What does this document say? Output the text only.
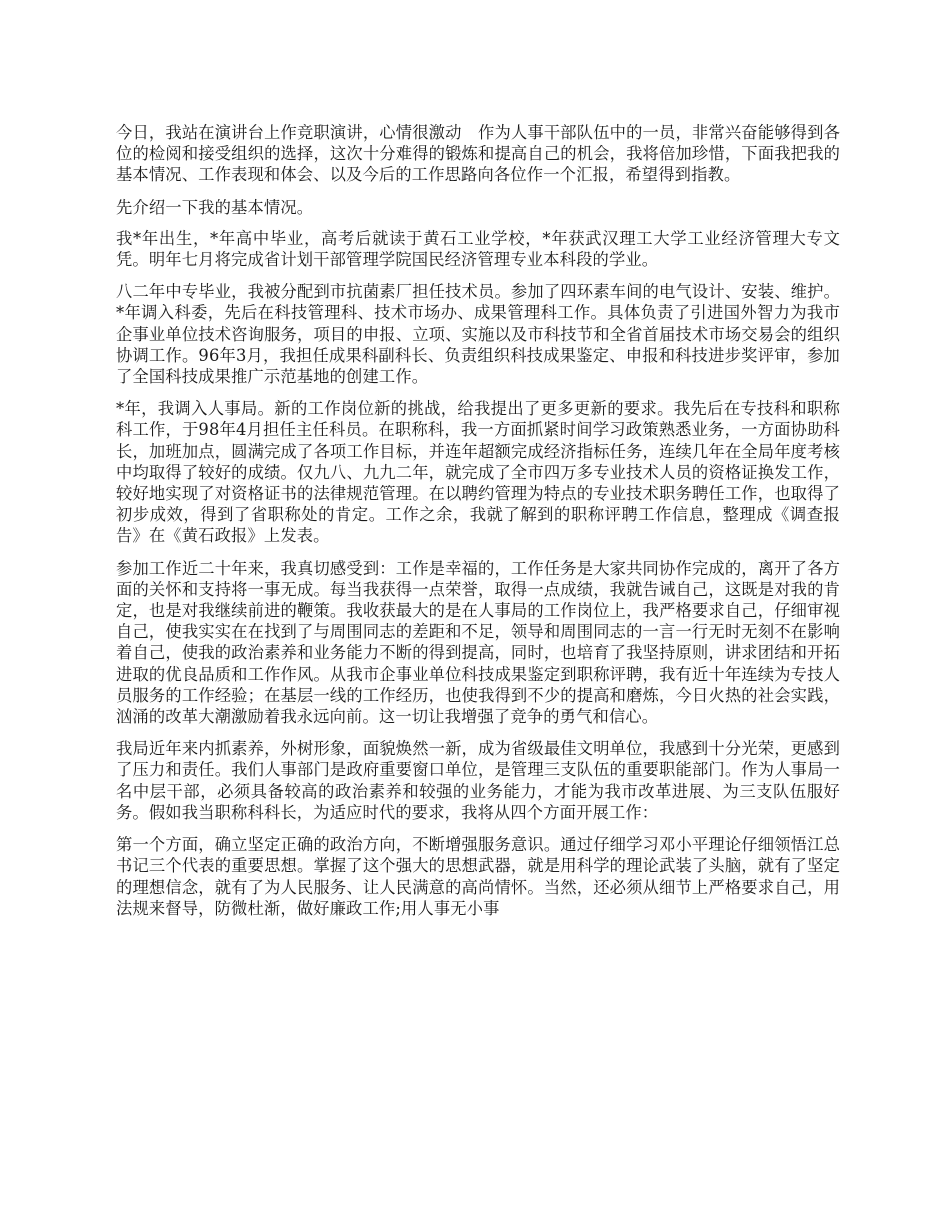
今日，我站在演讲台上作竞职演讲，心情很激动　作为人事干部队伍中的一员，非常兴奋能够得到各位的检阅和接受组织的选择，这次十分难得的锻炼和提高自己的机会，我将倍加珍惜，下面我把我的基本情况、工作表现和体会、以及今后的工作思路向各位作一个汇报，希望得到指教。

先介绍一下我的基本情况。

我*年出生，*年高中毕业，高考后就读于黄石工业学校，*年获武汉理工大学工业经济管理大专文凭。明年七月将完成省计划干部管理学院国民经济管理专业本科段的学业。

八二年中专毕业，我被分配到市抗菌素厂担任技术员。参加了四环素车间的电气设计、安装、维护。*年调入科委，先后在科技管理科、技术市场办、成果管理科工作。具体负责了引进国外智力为我市企事业单位技术咨询服务，项目的申报、立项、实施以及市科技节和全省首届技术市场交易会的组织协调工作。96年3月，我担任成果科副科长、负责组织科技成果鉴定、申报和科技进步奖评审，参加了全国科技成果推广示范基地的创建工作。

*年，我调入人事局。新的工作岗位新的挑战，给我提出了更多更新的要求。我先后在专技科和职称科工作，于98年4月担任主任科员。在职称科，我一方面抓紧时间学习政策熟悉业务，一方面协助科长，加班加点，圆满完成了各项工作目标，并连年超额完成经济指标任务，连续几年在全局年度考核中均取得了较好的成绩。仅九八、九九二年，就完成了全市四万多专业技术人员的资格证换发工作，较好地实现了对资格证书的法律规范管理。在以聘约管理为特点的专业技术职务聘任工作，也取得了初步成效，得到了省职称处的肯定。工作之余，我就了解到的职称评聘工作信息，整理成《调查报告》在《黄石政报》上发表。

参加工作近二十年来，我真切感受到：工作是幸福的，工作任务是大家共同协作完成的，离开了各方面的关怀和支持将一事无成。每当我获得一点荣誉，取得一点成绩，我就告诫自己，这既是对我的肯定，也是对我继续前进的鞭策。我收获最大的是在人事局的工作岗位上，我严格要求自己，仔细审视自己，使我实实在在找到了与周围同志的差距和不足，领导和周围同志的一言一行无时无刻不在影响着自己，使我的政治素养和业务能力不断的得到提高，同时，也培育了我坚持原则，讲求团结和开拓进取的优良品质和工作作风。从我市企事业单位科技成果鉴定到职称评聘，我有近十年连续为专技人员服务的工作经验；在基层一线的工作经历，也使我得到不少的提高和磨炼，今日火热的社会实践，汹涌的改革大潮激励着我永远向前。这一切让我增强了竞争的勇气和信心。

我局近年来内抓素养，外树形象，面貌焕然一新，成为省级最佳文明单位，我感到十分光荣，更感到了压力和责任。我们人事部门是政府重要窗口单位，是管理三支队伍的重要职能部门。作为人事局一名中层干部，必须具备较高的政治素养和较强的业务能力，才能为我市改革进展、为三支队伍服好务。假如我当职称科科长，为适应时代的要求，我将从四个方面开展工作：

第一个方面，确立坚定正确的政治方向，不断增强服务意识。通过仔细学习邓小平理论仔细领悟江总书记三个代表的重要思想。掌握了这个强大的思想武器，就是用科学的理论武装了头脑，就有了坚定的理想信念，就有了为人民服务、让人民满意的高尚情怀。当然，还必须从细节上严格要求自己，用法规来督导，防微杜渐，做好廉政工作;用人事无小事
